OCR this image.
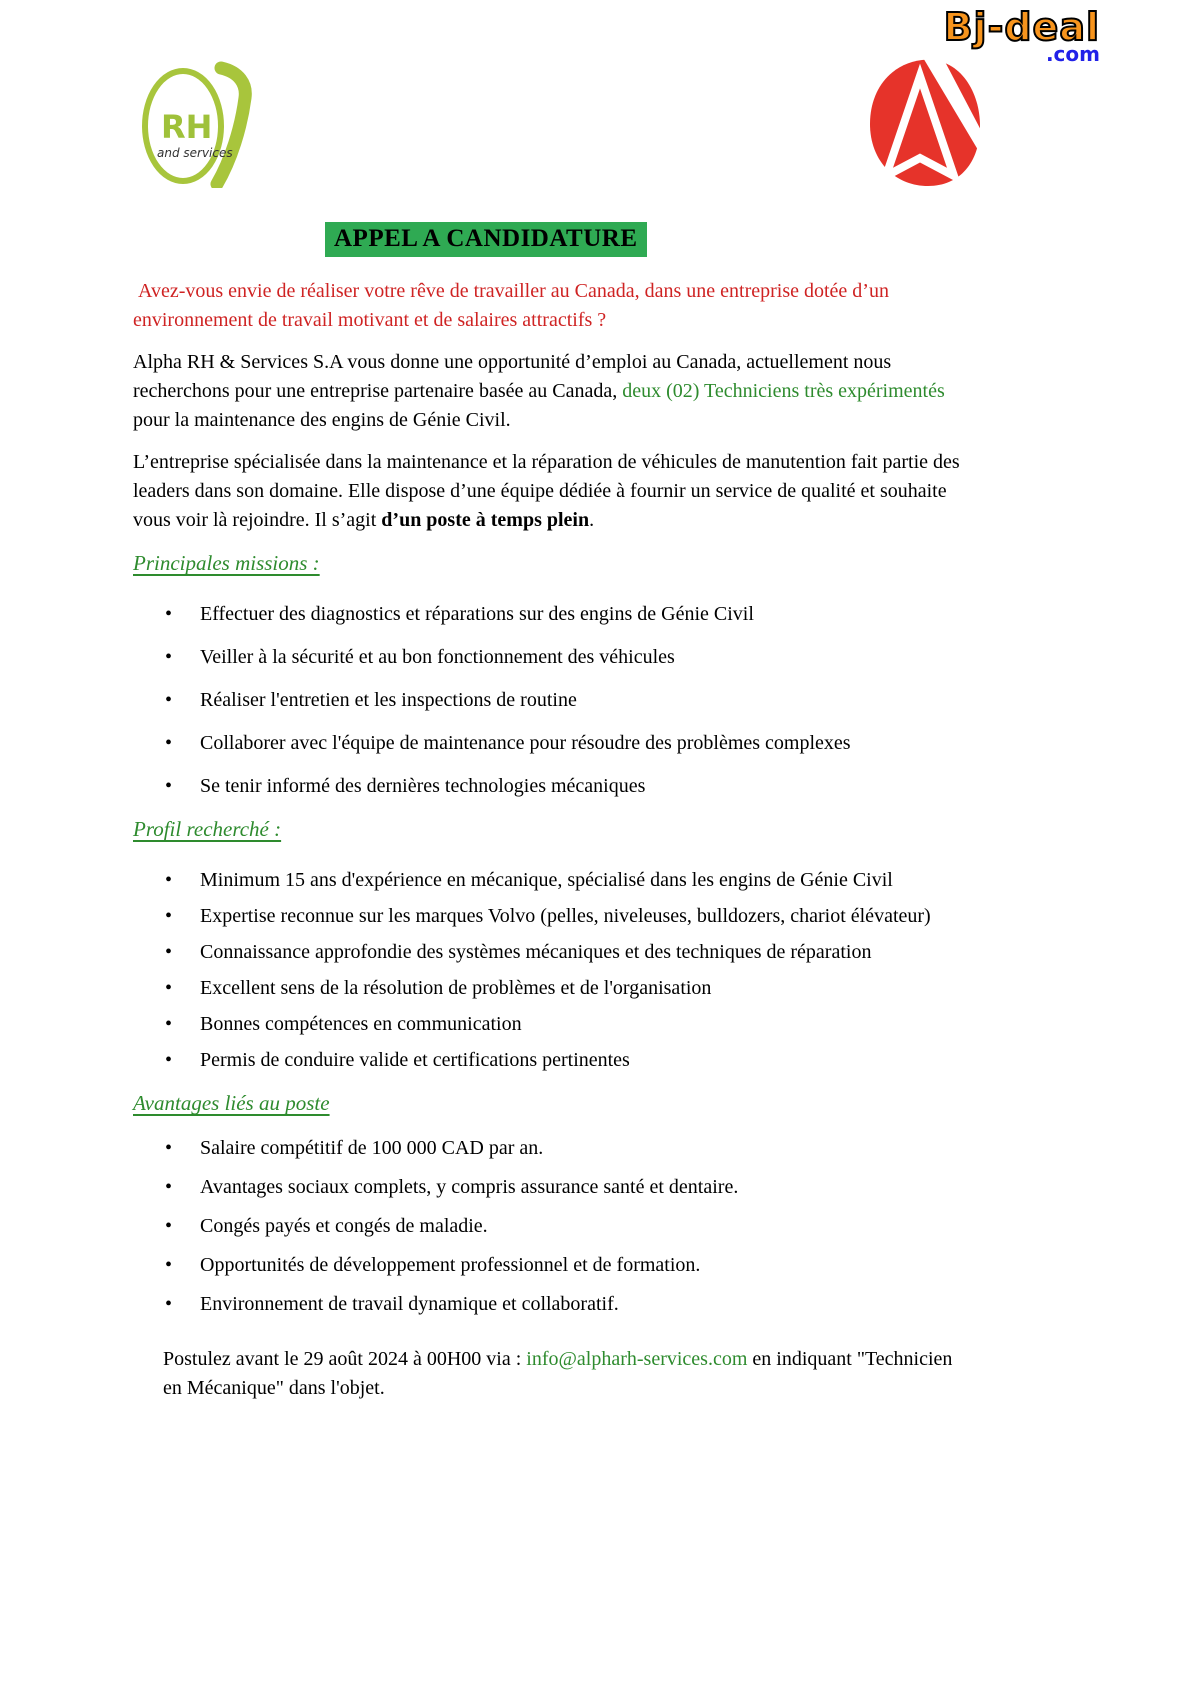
Bj-deal
.com
RH
and services
APPEL A CANDIDATURE

Avez-vous envie de réaliser votre rêve de travailler au Canada, dans une entreprise dotée d’un environnement de travail motivant et de salaires attractifs ?

Alpha RH & Services S.A vous donne une opportunité d’emploi au Canada, actuellement nous recherchons pour une entreprise partenaire basée au Canada, deux (02) Techniciens très expérimentés pour la maintenance des engins de Génie Civil.

L’entreprise spécialisée dans la maintenance et la réparation de véhicules de manutention fait partie des leaders dans son domaine. Elle dispose d’une équipe dédiée à fournir un service de qualité et souhaite vous voir là rejoindre. Il s’agit d’un poste à temps plein.

Principales missions :
• Effectuer des diagnostics et réparations sur des engins de Génie Civil
• Veiller à la sécurité et au bon fonctionnement des véhicules
• Réaliser l'entretien et les inspections de routine
• Collaborer avec l'équipe de maintenance pour résoudre des problèmes complexes
• Se tenir informé des dernières technologies mécaniques
Profil recherché :
• Minimum 15 ans d'expérience en mécanique, spécialisé dans les engins de Génie Civil
• Expertise reconnue sur les marques Volvo (pelles, niveleuses, bulldozers, chariot élévateur)
• Connaissance approfondie des systèmes mécaniques et des techniques de réparation
• Excellent sens de la résolution de problèmes et de l'organisation
• Bonnes compétences en communication
• Permis de conduire valide et certifications pertinentes
Avantages liés au poste
• Salaire compétitif de 100 000 CAD par an.
• Avantages sociaux complets, y compris assurance santé et dentaire.
• Congés payés et congés de maladie.
• Opportunités de développement professionnel et de formation.
• Environnement de travail dynamique et collaboratif.

Postulez avant le 29 août 2024 à 00H00 via : info@alpharh-services.com en indiquant "Technicien en Mécanique" dans l'objet.
